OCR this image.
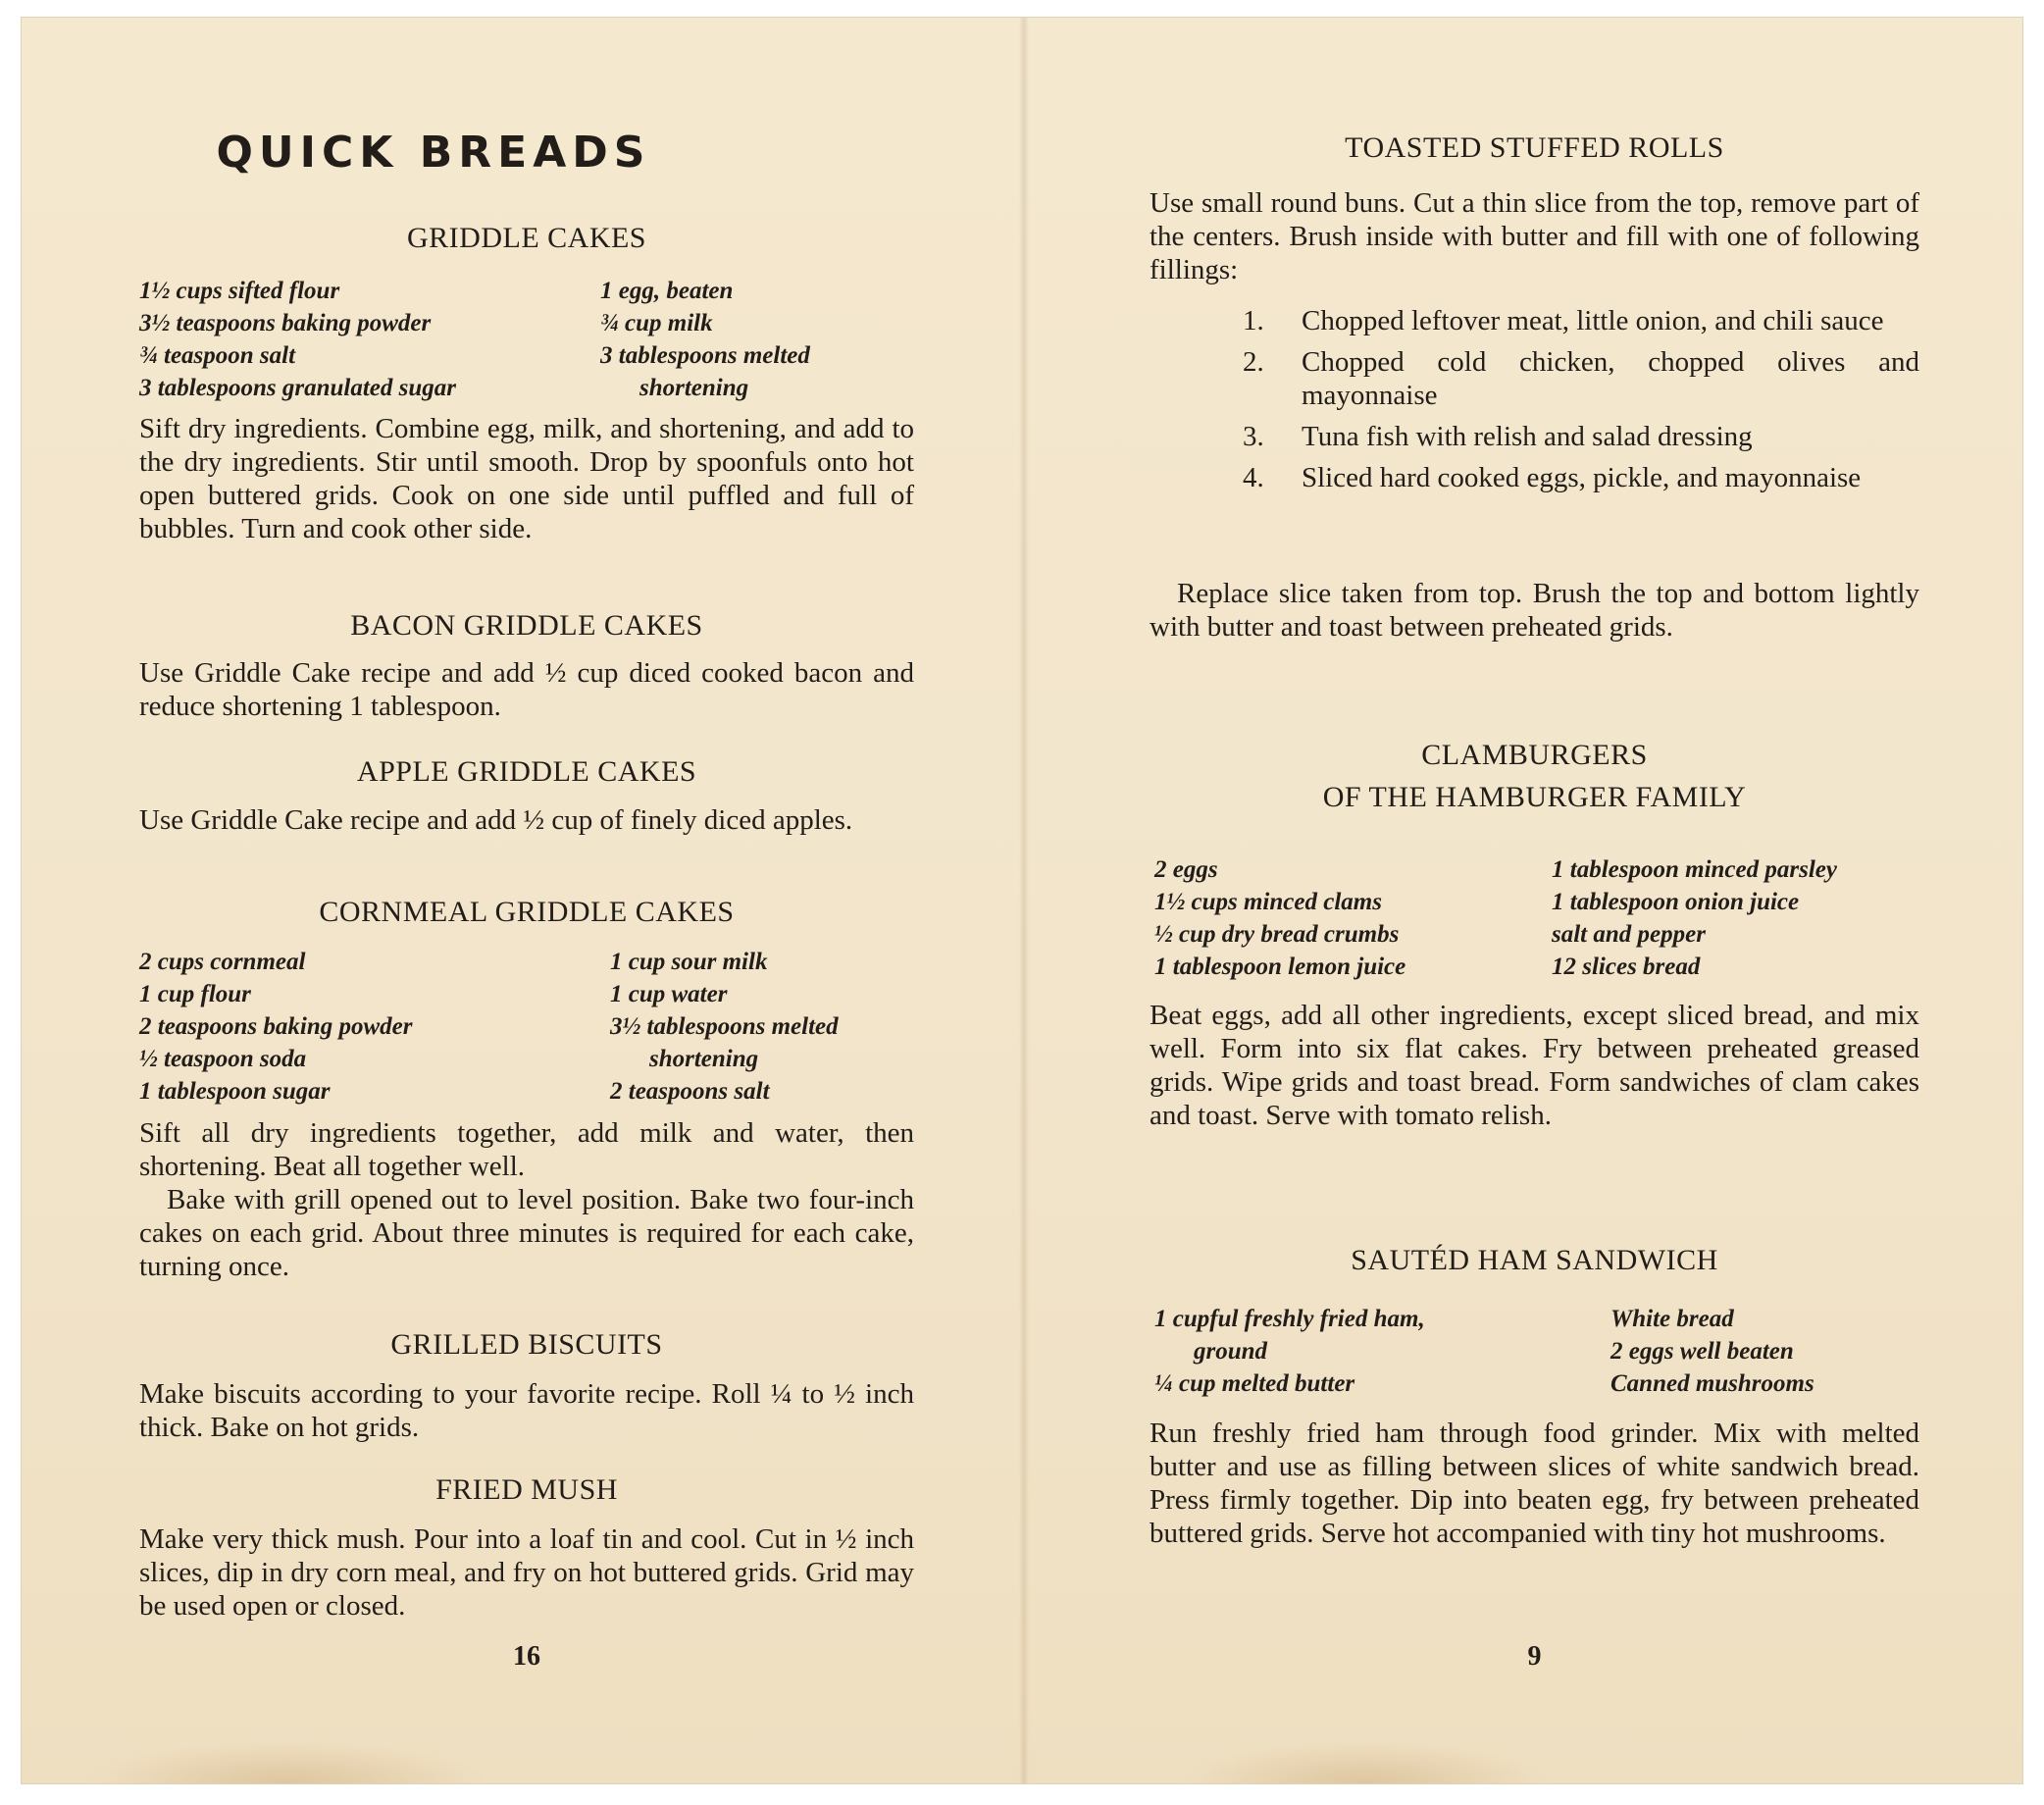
QUICK BREADS
GRIDDLE CAKES
1½ cups sifted flour
3½ teaspoons baking powder
¾ teaspoon salt
3 tablespoons granulated sugar
1 egg, beaten
¾ cup milk
3 tablespoons melted
shortening

Sift dry ingredients. Combine egg, milk, and shortening, and add to the dry ingredients. Stir until smooth. Drop by spoonfuls onto hot open buttered grids. Cook on one side until puffled and full of bubbles. Turn and cook other side.

BACON GRIDDLE CAKES

Use Griddle Cake recipe and add ½ cup diced cooked bacon and reduce shortening 1 tablespoon.

APPLE GRIDDLE CAKES

Use Griddle Cake recipe and add ½ cup of finely diced apples.

CORNMEAL GRIDDLE CAKES
2 cups cornmeal
1 cup flour
2 teaspoons baking powder
½ teaspoon soda
1 tablespoon sugar
1 cup sour milk
1 cup water
3½ tablespoons melted
shortening
2 teaspoons salt

Sift all dry ingredients together, add milk and water, then shortening. Beat all together well.

Bake with grill opened out to level position. Bake two four-inch cakes on each grid. About three minutes is required for each cake, turning once.

GRILLED BISCUITS

Make biscuits according to your favorite recipe. Roll ¼ to ½ inch thick. Bake on hot grids.

FRIED MUSH

Make very thick mush. Pour into a loaf tin and cool. Cut in ½ inch slices, dip in dry corn meal, and fry on hot buttered grids. Grid may be used open or closed.

16

TOASTED STUFFED ROLLS

Use small round buns. Cut a thin slice from the top, remove part of the centers. Brush inside with butter and fill with one of following fillings:

1. Chopped leftover meat, little onion, and chili sauce
2. Chopped cold chicken, chopped olives and mayonnaise
3. Tuna fish with relish and salad dressing
4. Sliced hard cooked eggs, pickle, and mayonnaise

Replace slice taken from top. Brush the top and bottom lightly with butter and toast between preheated grids.

CLAMBURGERS
OF THE HAMBURGER FAMILY
2 eggs
1½ cups minced clams
½ cup dry bread crumbs
1 tablespoon lemon juice
1 tablespoon minced parsley
1 tablespoon onion juice
salt and pepper
12 slices bread

Beat eggs, add all other ingredients, except sliced bread, and mix well. Form into six flat cakes. Fry between preheated greased grids. Wipe grids and toast bread. Form sandwiches of clam cakes and toast. Serve with tomato relish.

SAUTÉD HAM SANDWICH
1 cupful freshly fried ham,
ground
¼ cup melted butter
White bread
2 eggs well beaten
Canned mushrooms

Run freshly fried ham through food grinder. Mix with melted butter and use as filling between slices of white sandwich bread. Press firmly together. Dip into beaten egg, fry between preheated buttered grids. Serve hot accompanied with tiny hot mushrooms.

9
